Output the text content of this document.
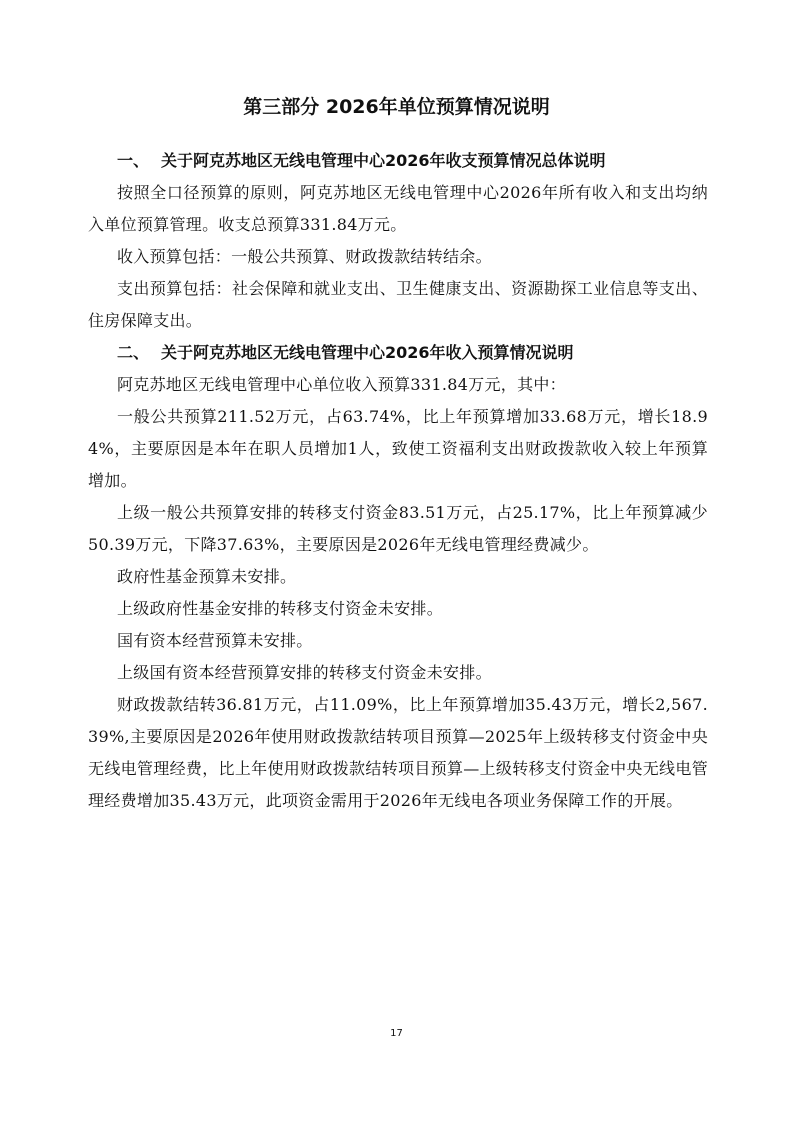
第三部分 2026年单位预算情况说明
一、 关于阿克苏地区无线电管理中心2026年收支预算情况总体说明
按照全口径预算的原则，阿克苏地区无线电管理中心2026年所有收入和支出均纳入单位预算管理。收支总预算331.84万元。
收入预算包括：一般公共预算、财政拨款结转结余。
支出预算包括：社会保障和就业支出、卫生健康支出、资源勘探工业信息等支出、住房保障支出。
二、 关于阿克苏地区无线电管理中心2026年收入预算情况说明
阿克苏地区无线电管理中心单位收入预算331.84万元，其中：
一般公共预算211.52万元，占63.74%，比上年预算增加33.68万元，增长18.94%，主要原因是本年在职人员增加1人，致使工资福利支出财政拨款收入较上年预算增加。
上级一般公共预算安排的转移支付资金83.51万元，占25.17%，比上年预算减少50.39万元，下降37.63%，主要原因是2026年无线电管理经费减少。
政府性基金预算未安排。
上级政府性基金安排的转移支付资金未安排。
国有资本经营预算未安排。
上级国有资本经营预算安排的转移支付资金未安排。
财政拨款结转36.81万元，占11.09%，比上年预算增加35.43万元，增长2,567.39%,主要原因是2026年使用财政拨款结转项目预算—2025年上级转移支付资金中央无线电管理经费，比上年使用财政拨款结转项目预算—上级转移支付资金中央无线电管理经费增加35.43万元，此项资金需用于2026年无线电各项业务保障工作的开展。
17
